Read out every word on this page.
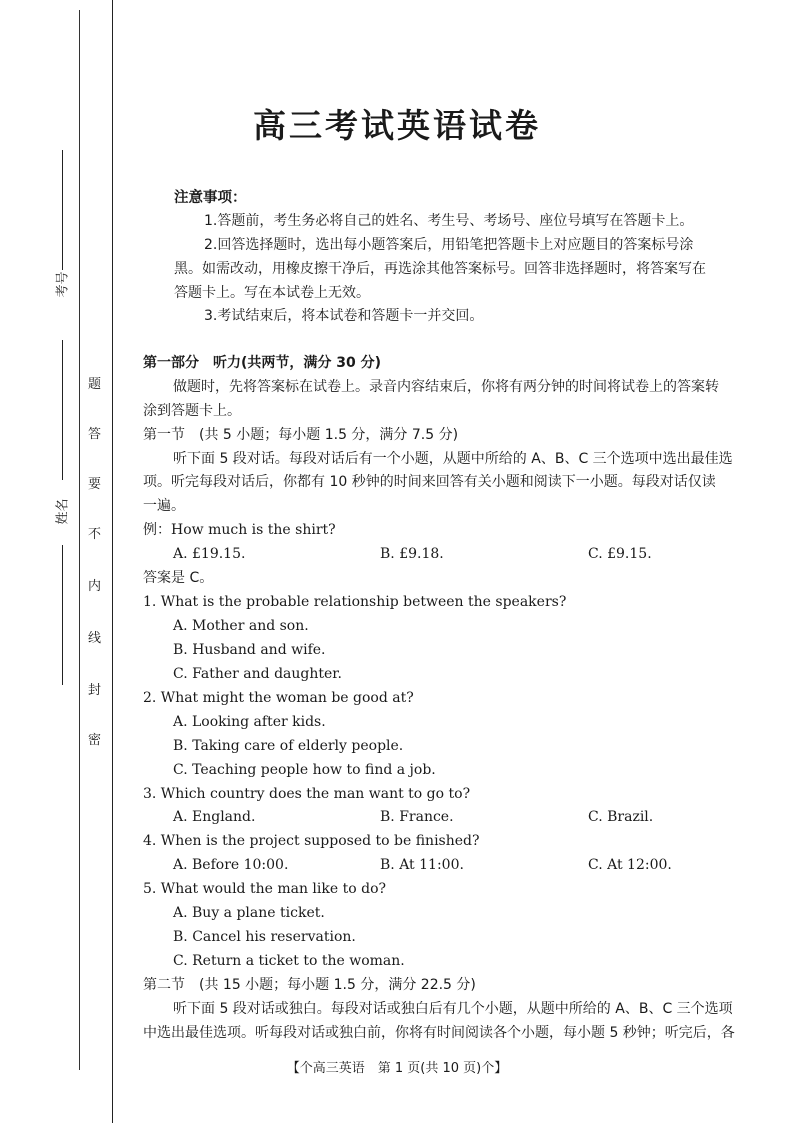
考号
姓名
题
答
要
不
内
线
封
密
高三考试英语试卷
注意事项：
1.答题前，考生务必将自己的姓名、考生号、考场号、座位号填写在答题卡上。
2.回答选择题时，选出每小题答案后，用铅笔把答题卡上对应题目的答案标号涂
黑。如需改动，用橡皮擦干净后，再选涂其他答案标号。回答非选择题时，将答案写在
答题卡上。写在本试卷上无效。
3.考试结束后，将本试卷和答题卡一并交回。
第一部分　听力(共两节，满分 30 分)
做题时，先将答案标在试卷上。录音内容结束后，你将有两分钟的时间将试卷上的答案转
涂到答题卡上。
第一节　(共 5 小题；每小题 1.5 分，满分 7.5 分)
听下面 5 段对话。每段对话后有一个小题，从题中所给的 A、B、C 三个选项中选出最佳选
项。听完每段对话后，你都有 10 秒钟的时间来回答有关小题和阅读下一小题。每段对话仅读
一遍。
例：How much is the shirt?
A. £19.15.	B. £9.18.	C. £9.15.
答案是 C。
1. What is the probable relationship between the speakers?
A. Mother and son.
B. Husband and wife.
C. Father and daughter.
2. What might the woman be good at?
A. Looking after kids.
B. Taking care of elderly people.
C. Teaching people how to find a job.
3. Which country does the man want to go to?
A. England.	B. France.	C. Brazil.
4. When is the project supposed to be finished?
A. Before 10:00.	B. At 11:00.	C. At 12:00.
5. What would the man like to do?
A. Buy a plane ticket.
B. Cancel his reservation.
C. Return a ticket to the woman.
第二节　(共 15 小题；每小题 1.5 分，满分 22.5 分)
听下面 5 段对话或独白。每段对话或独白后有几个小题，从题中所给的 A、B、C 三个选项
中选出最佳选项。听每段对话或独白前，你将有时间阅读各个小题，每小题 5 秒钟；听完后，各
【个高三英语　第 1 页(共 10 页)个】
